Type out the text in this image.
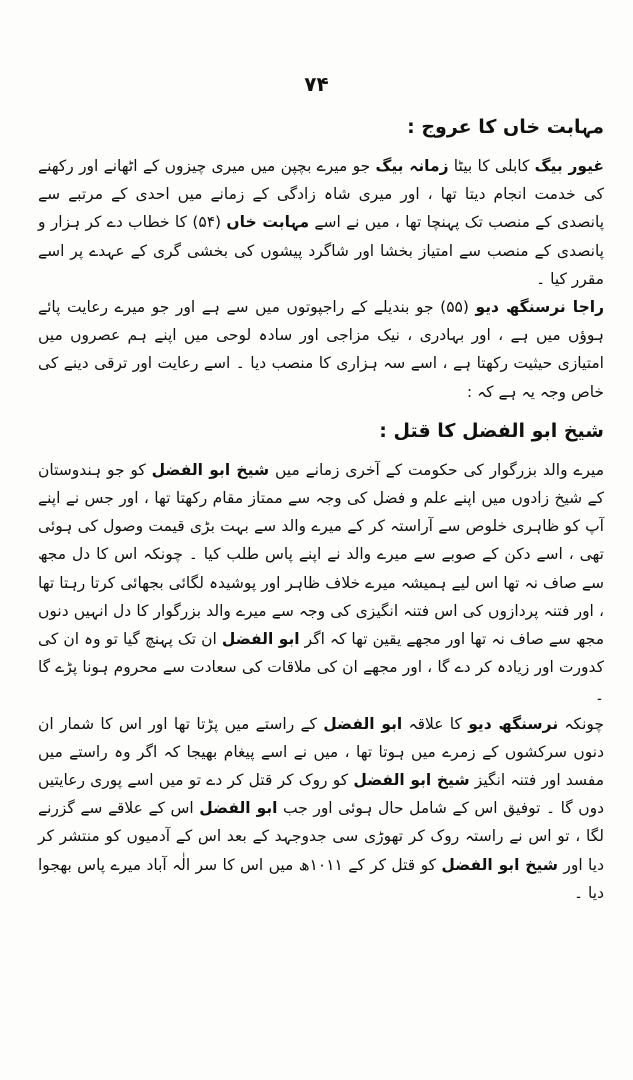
۷۴
مہابت خاں کا عروج :

غیور بیگ کابلی کا بیٹا زمانہ بیگ جو میرے بچپن میں میری چیزوں کے اٹھانے اور رکھنے کی خدمت انجام دیتا تھا ، اور میری شاہ زادگی کے زمانے میں احدی کے مرتبے سے پانصدی کے منصب تک پہنچا تھا ، میں نے اسے مہابت خاں (۵۴) کا خطاب دے کر ہزار و پانصدی کے منصب سے امتیاز بخشا اور شاگرد پیشوں کی بخشی گری کے عہدے پر اسے مقرر کیا ۔

راجا نرسنگھ دیو (۵۵) جو بندیلے کے راجپوتوں میں سے ہے اور جو میرے رعایت پائے ہوؤں میں ہے ، اور بہادری ، نیک مزاجی اور سادہ لوحی میں اپنے ہم عصروں میں امتیازی حیثیت رکھتا ہے ، اسے سہ ہزاری کا منصب دیا ۔ اسے رعایت اور ترقی دینے کی خاص وجہ یہ ہے کہ :

شیخ ابو الفضل کا قتل :

میرے والد بزرگوار کی حکومت کے آخری زمانے میں شیخ ابو الفضل کو جو ہندوستان کے شیخ زادوں میں اپنے علم و فضل کی وجہ سے ممتاز مقام رکھتا تھا ، اور جس نے اپنے آپ کو ظاہری خلوص سے آراستہ کر کے میرے والد سے بہت بڑی قیمت وصول کی ہوئی تھی ، اسے دکن کے صوبے سے میرے والد نے اپنے پاس طلب کیا ۔ چونکہ اس کا دل مجھ سے صاف نہ تھا اس لیے ہمیشہ میرے خلاف ظاہر اور پوشیدہ لگائی بجھائی کرتا رہتا تھا ، اور فتنہ پردازوں کی اس فتنہ انگیزی کی وجہ سے میرے والد بزرگوار کا دل انہیں دنوں مجھ سے صاف نہ تھا اور مجھے یقین تھا کہ اگر ابو الفضل ان تک پہنچ گیا تو وہ ان کی کدورت اور زیادہ کر دے گا ، اور مجھے ان کی ملاقات کی سعادت سے محروم ہونا پڑے گا ۔

چونکہ نرسنگھ دیو کا علاقہ ابو الفضل کے راستے میں پڑتا تھا اور اس کا شمار ان دنوں سرکشوں کے زمرے میں ہوتا تھا ، میں نے اسے پیغام بھیجا کہ اگر وہ راستے میں مفسد اور فتنہ انگیز شیخ ابو الفضل کو روک کر قتل کر دے تو میں اسے پوری رعایتیں دوں گا ۔ توفیق اس کے شامل حال ہوئی اور جب ابو الفضل اس کے علاقے سے گزرنے لگا ، تو اس نے راستہ روک کر تھوڑی سی جدوجہد کے بعد اس کے آدمیوں کو منتشر کر دیا اور شیخ ابو الفضل کو قتل کر کے ۱۰۱۱ھ میں اس کا سر الٰہ آباد میرے پاس بھجوا دیا ۔
